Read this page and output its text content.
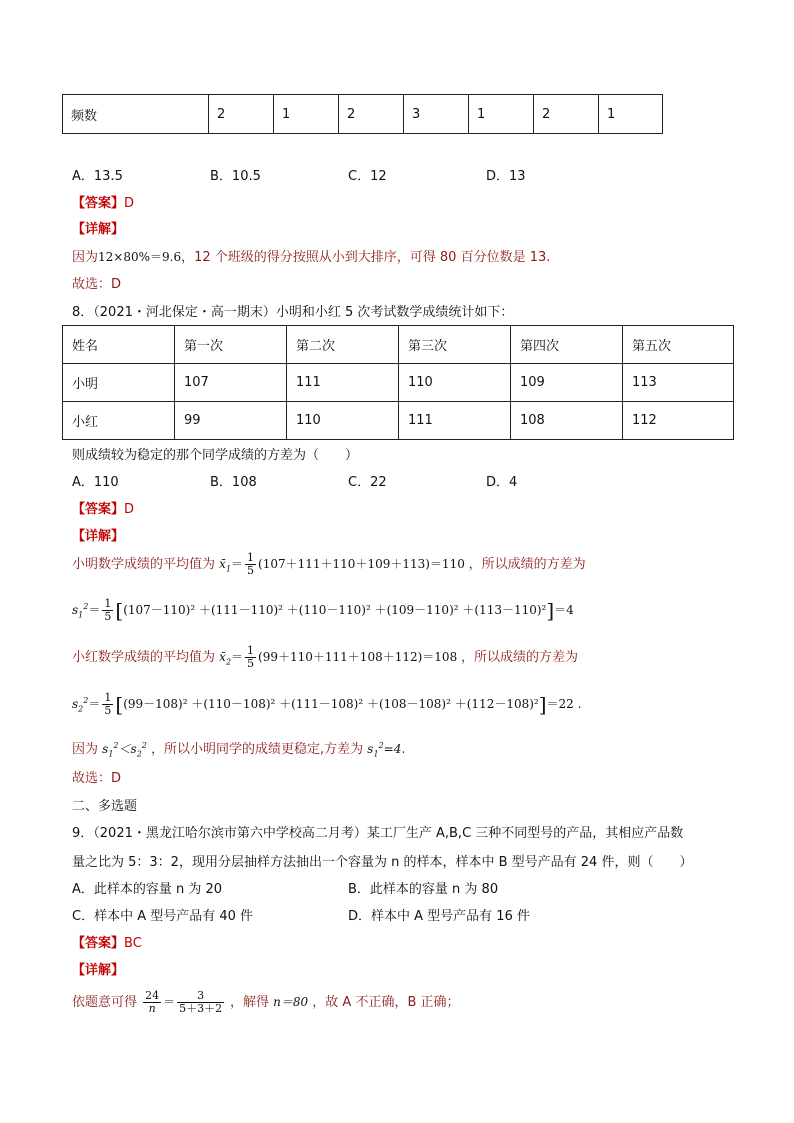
频数	2	1	2	3	1	2	1
A．13.5	B．10.5	C．12	D．13
【答案】D
【详解】
因为12×80%＝9.6，12 个班级的得分按照从小到大排序，可得 80 百分位数是 13.
故选：D
8．（2021・河北保定・高一期末）小明和小红 5 次考试数学成绩统计如下：
姓名	第一次	第二次	第三次	第四次	第五次
小明	107	111	110	109	113
小红	99	110	111	108	112
则成绩较为稳定的那个同学成绩的方差为（　　）
A．110	B．108	C．22	D．4
【答案】D
【详解】
小明数学成绩的平均值为 $x̄_1= \frac{1}{5} (107+111+110+109+113)=110$ ，所以成绩的方差为
$s_1^2= \frac{1}{5} [(107-110)^2 +(111-110)^2 +(110-110)^2 +(109-110)^2 +(113-110)^2]=4$
小红数学成绩的平均值为 $x̄_2= \frac{1}{5} (99+110+111+108+112)=108$ ，所以成绩的方差为
$s_2^2= \frac{1}{5} [(99-108)^2 +(110-108)^2 +(111-108)^2 +(108-108)^2 +(112-108)^2]=22$ .
因为 $s_1^2<s_2^2$ ，所以小明同学的成绩更稳定,方差为 $s_1^2=4$.
故选：D
二、多选题
9．（2021・黑龙江哈尔滨市第六中学校高二月考）某工厂生产 A,B,C 三种不同型号的产品，其相应产品数
量之比为 5：3：2，现用分层抽样方法抽出一个容量为 n 的样本，样本中 B 型号产品有 24 件，则（　　）
A．此样本的容量 n 为 20	B．此样本的容量 n 为 80
C．样本中 A 型号产品有 40 件	D．样本中 A 型号产品有 16 件
【答案】BC
【详解】
依题意可得 $\frac{24}{n} = \frac{3}{5+3+2}$ ，解得 n＝80 ，故 A 不正确，B 正确；
